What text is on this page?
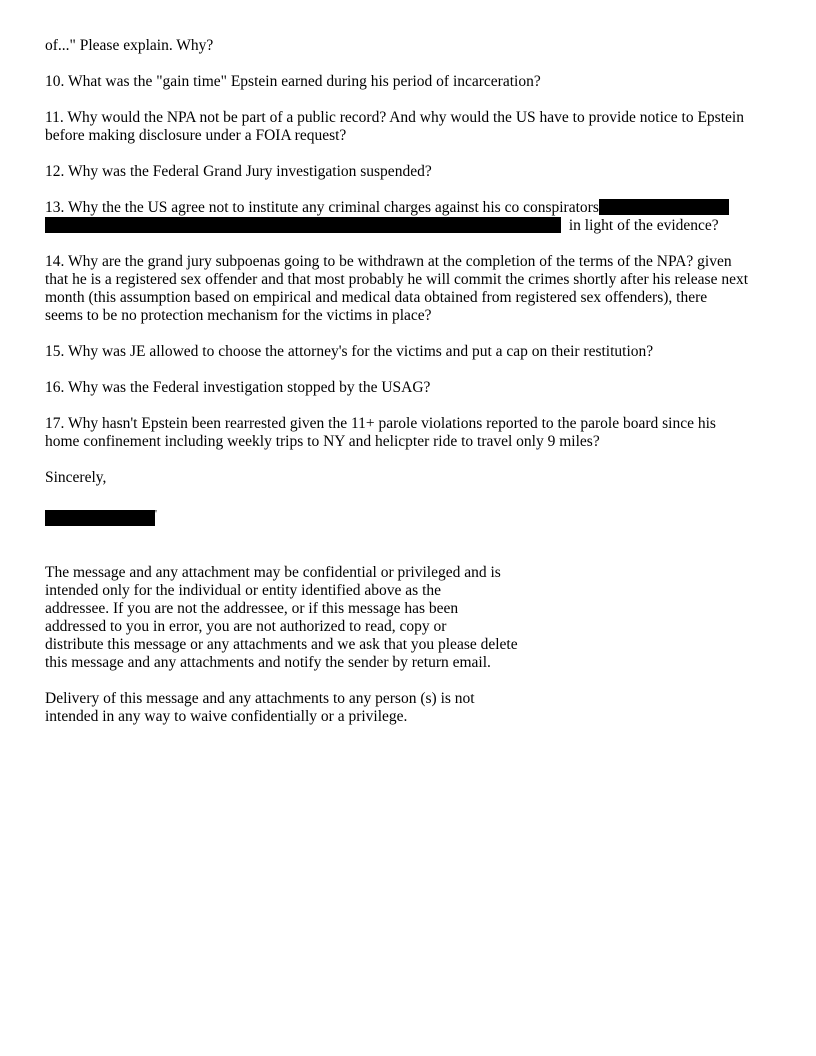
of..." Please explain. Why?

10. What was the "gain time" Epstein earned during his period of incarceration?

11. Why would the NPA not be part of a public record? And why would the US have to provide notice to Epstein
before making disclosure under a FOIA request?

12. Why was the Federal Grand Jury investigation suspended?

13. Why the the US agree not to institute any criminal charges against his co conspirators
in light of the evidence?

14. Why are the grand jury subpoenas going to be withdrawn at the completion of the terms of the NPA? given
that he is a registered sex offender and that most probably he will commit the crimes shortly after his release next
month (this assumption based on empirical and medical data obtained from registered sex offenders), there
seems to be no protection mechanism for the victims in place?

15. Why was JE allowed to choose the attorney's for the victims and put a cap on their restitution?

16. Why was the Federal investigation stopped by the USAG?

17. Why hasn't Epstein been rearrested given the 11+ parole violations reported to the parole board since his
home confinement including weekly trips to NY and helicpter ride to travel only 9 miles?

Sincerely,

'

The message and any attachment may be confidential or privileged and is
intended only for the individual or entity identified above as the
addressee. If you are not the addressee, or if this message has been
addressed to you in error, you are not authorized to read, copy or
distribute this message or any attachments and we ask that you please delete
this message and any attachments and notify the sender by return email.

Delivery of this message and any attachments to any person (s) is not
intended in any way to waive confidentially or a privilege.
